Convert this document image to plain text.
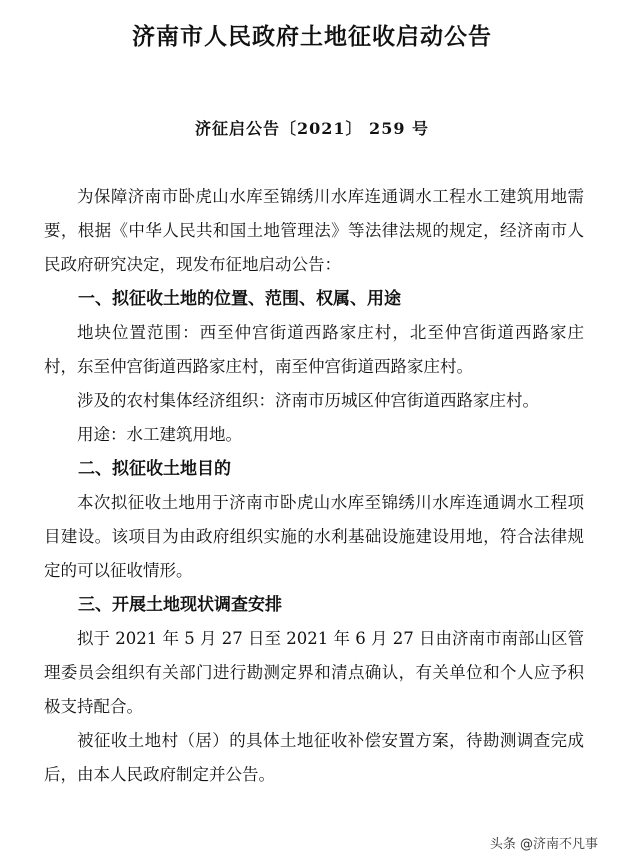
济南市人民政府土地征收启动公告
济征启公告〔2021〕 259 号

为保障济南市卧虎山水库至锦绣川水库连通调水工程水工建筑用地需要，根据《中华人民共和国土地管理法》等法律法规的规定，经济南市人民政府研究决定，现发布征地启动公告：

一、拟征收土地的位置、范围、权属、用途

地块位置范围：西至仲宫街道西路家庄村，北至仲宫街道西路家庄村，东至仲宫街道西路家庄村，南至仲宫街道西路家庄村。

涉及的农村集体经济组织：济南市历城区仲宫街道西路家庄村。

用途：水工建筑用地。

二、拟征收土地目的

本次拟征收土地用于济南市卧虎山水库至锦绣川水库连通调水工程项目建设。该项目为由政府组织实施的水利基础设施建设用地，符合法律规定的可以征收情形。

三、开展土地现状调查安排

拟于 2021 年 5 月 27 日至 2021 年 6 月 27 日由济南市南部山区管理委员会组织有关部门进行勘测定界和清点确认，有关单位和个人应予积极支持配合。

被征收土地村（居）的具体土地征收补偿安置方案，待勘测调查完成后，由本人民政府制定并公告。

头条 @济南不凡事
